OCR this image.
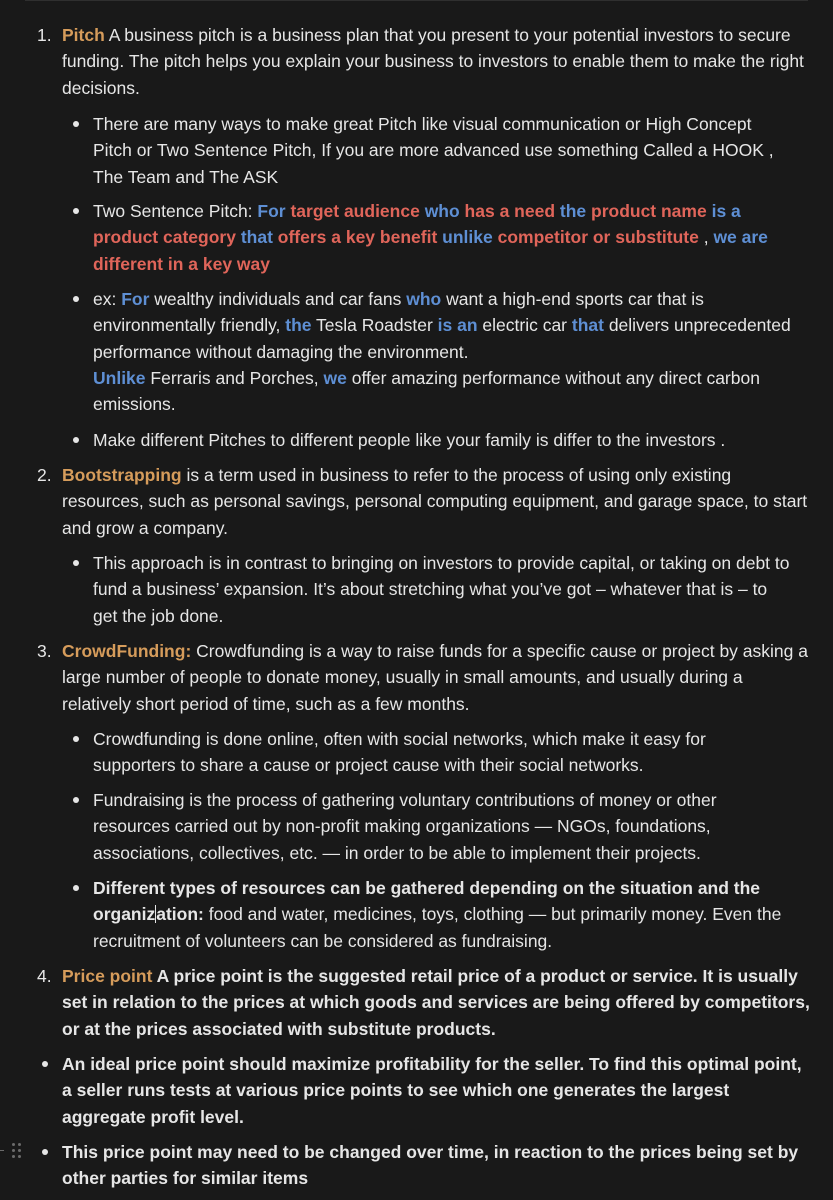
1. Pitch A business pitch is a business plan that you present to your potential investors to secure funding. The pitch helps you explain your business to investors to enable them to make the right decisions.
There are many ways to make great Pitch like visual communication or High Concept Pitch or Two Sentence Pitch, If you are more advanced use something Called a HOOK , The Team and The ASK
Two Sentence Pitch: For target audience who has a need the product name is a product category that offers a key benefit unlike competitor or substitute , we are
different in a key way
ex: For wealthy individuals and car fans who want a high-end sports car that is environmentally friendly, the Tesla Roadster is an electric car that delivers unprecedented performance without damaging the environment.
Unlike Ferraris and Porches, we offer amazing performance without any direct carbon emissions.
Make different Pitches to different people like your family is differ to the investors .
2. Bootstrapping is a term used in business to refer to the process of using only existing resources, such as personal savings, personal computing equipment, and garage space, to start and grow a company.
This approach is in contrast to bringing on investors to provide capital, or taking on debt to fund a business’ expansion. It’s about stretching what you’ve got – whatever that is – to get the job done.
3. CrowdFunding: Crowdfunding is a way to raise funds for a specific cause or project by asking a large number of people to donate money, usually in small amounts, and usually during a relatively short period of time, such as a few months.
Crowdfunding is done online, often with social networks, which make it easy for supporters to share a cause or project cause with their social networks.
Fundraising is the process of gathering voluntary contributions of money or other resources carried out by non-profit making organizations — NGOs, foundations, associations, collectives, etc. — in order to be able to implement their projects.
Different types of resources can be gathered depending on the situation and the organization: food and water, medicines, toys, clothing — but primarily money. Even the recruitment of volunteers can be considered as fundraising.
4. Price point A price point is the suggested retail price of a product or service. It is usually set in relation to the prices at which goods and services are being offered by competitors, or at the prices associated with substitute products.
An ideal price point should maximize profitability for the seller. To find this optimal point, a seller runs tests at various price points to see which one generates the largest aggregate profit level.
This price point may need to be changed over time, in reaction to the prices being set by other parties for similar items
